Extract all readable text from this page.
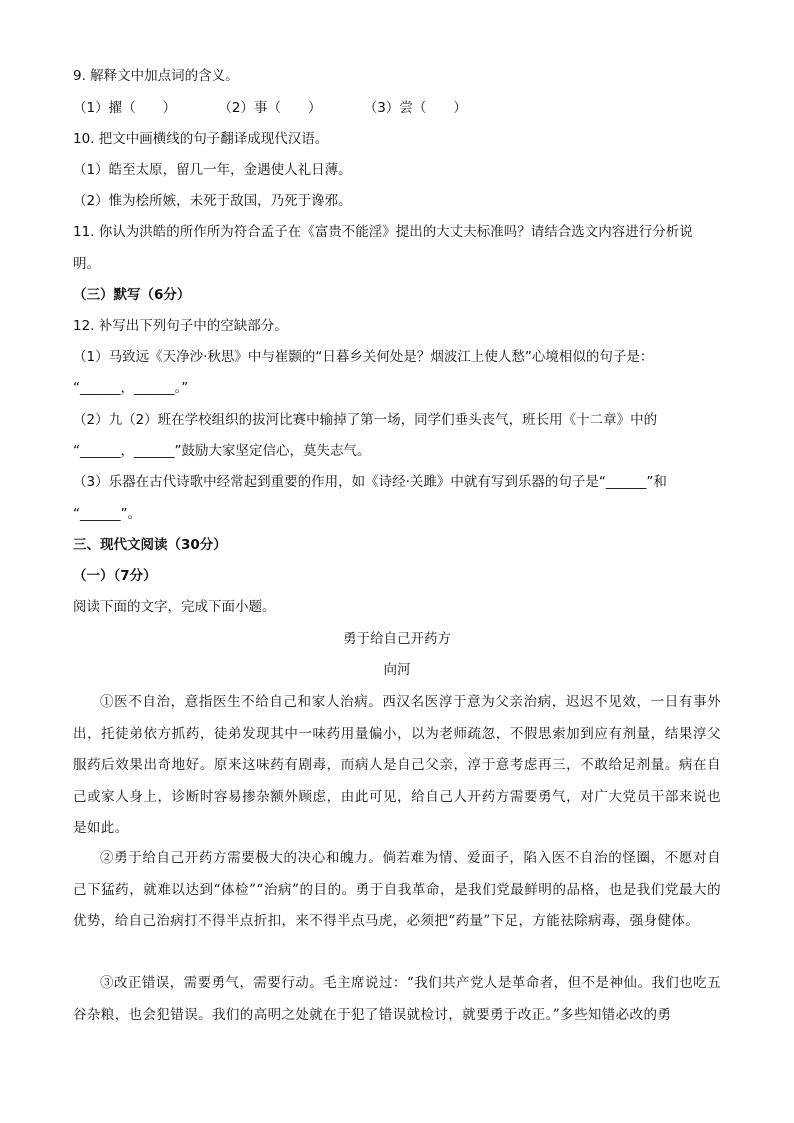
9. 解释文中加点词的含义。
（1）擢（　　）	（2）事（　　）	（3）尝（　　）
10. 把文中画横线的句子翻译成现代汉语。
（1）皓至太原，留几一年，金遇使人礼日薄。
（2）惟为桧所嫉，未死于敌国，乃死于谗邪。
11. 你认为洪皓的所作所为符合孟子在《富贵不能淫》提出的大丈夫标准吗？请结合选文内容进行分析说
明。
（三）默写（6分）
12. 补写出下列句子中的空缺部分。
（1）马致远《天净沙·秋思》中与崔颢的“日暮乡关何处是？烟波江上使人愁”心境相似的句子是：
“______，______。”
（2）九（2）班在学校组织的拔河比赛中输掉了第一场，同学们垂头丧气，班长用《十二章》中的
“______，______”鼓励大家坚定信心，莫失志气。
（3）乐器在古代诗歌中经常起到重要的作用，如《诗经·关雎》中就有写到乐器的句子是“______”和
“______”。
三、现代文阅读（30分）
（一）（7分）
阅读下面的文字，完成下面小题。
勇于给自己开药方
向河
①医不自治，意指医生不给自己和家人治病。西汉名医淳于意为父亲治病，迟迟不见效，一日有事外出，托徒弟依方抓药，徒弟发现其中一味药用量偏小，以为老师疏忽，不假思索加到应有剂量，结果淳父服药后效果出奇地好。原来这味药有剧毒，而病人是自己父亲，淳于意考虑再三，不敢给足剂量。病在自己或家人身上，诊断时容易掺杂额外顾虑，由此可见，给自己人开药方需要勇气，对广大党员干部来说也是如此。
②勇于给自己开药方需要极大的决心和魄力。倘若难为情、爱面子，陷入医不自治的怪圈，不愿对自己下猛药，就难以达到“体检”“治病”的目的。勇于自我革命，是我们党最鲜明的品格，也是我们党最大的优势，给自己治病打不得半点折扣，来不得半点马虎，必须把“药量”下足，方能祛除病毒，强身健体。
③改正错误，需要勇气，需要行动。毛主席说过：“我们共产党人是革命者，但不是神仙。我们也吃五谷杂粮，也会犯错误。我们的高明之处就在于犯了错误就检讨，就要勇于改正。”多些知错必改的勇
